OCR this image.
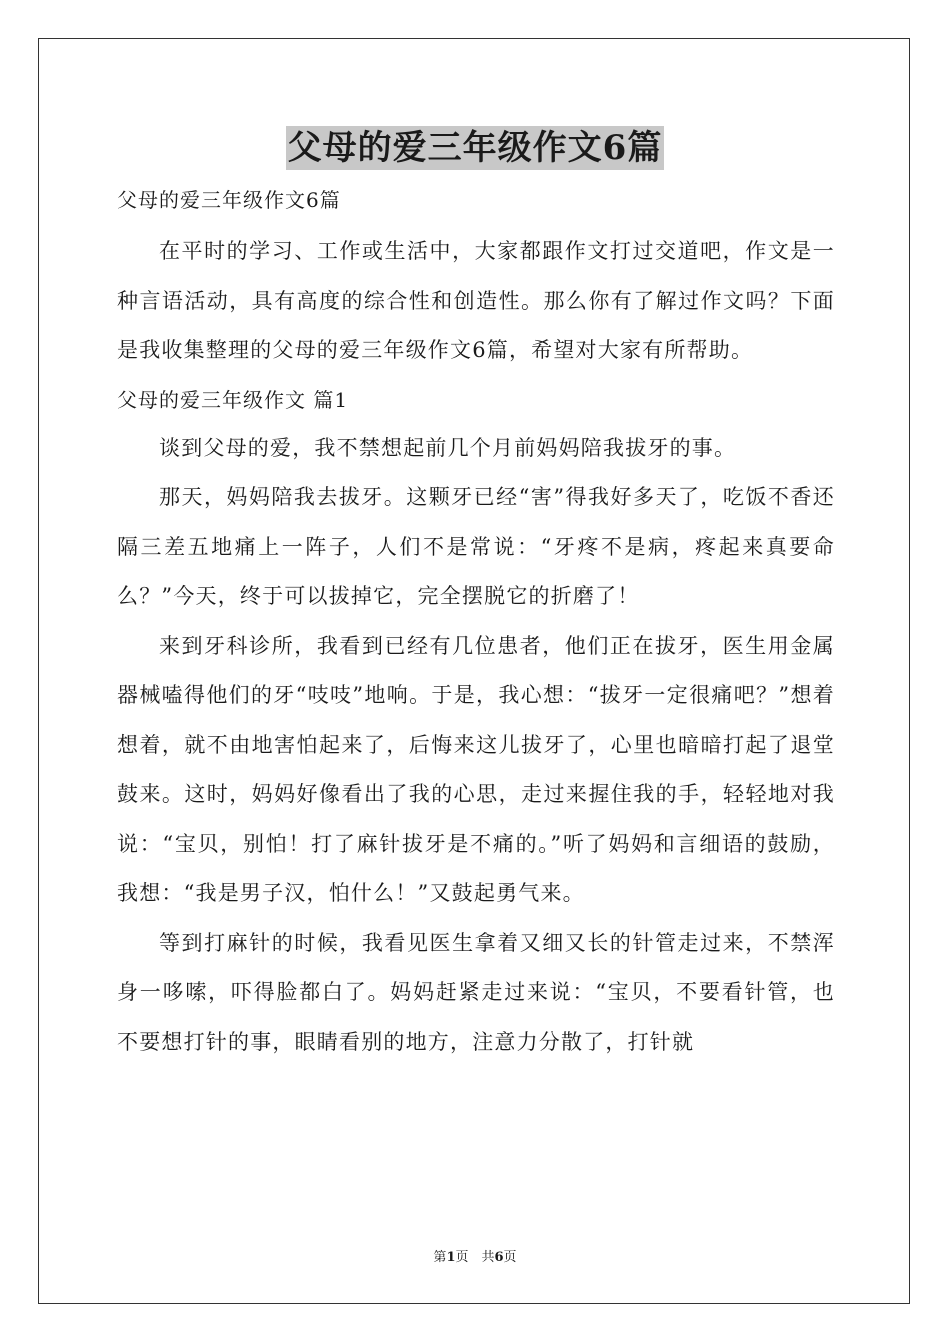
父母的爱三年级作文6篇

父母的爱三年级作文6篇

在平时的学习、工作或生活中，大家都跟作文打过交道吧，作文是一种言语活动，具有高度的综合性和创造性。那么你有了解过作文吗？下面是我收集整理的父母的爱三年级作文6篇，希望对大家有所帮助。

父母的爱三年级作文 篇1

谈到父母的爱，我不禁想起前几个月前妈妈陪我拔牙的事。

那天，妈妈陪我去拔牙。这颗牙已经“害”得我好多天了，吃饭不香还隔三差五地痛上一阵子，人们不是常说：“牙疼不是病，疼起来真要命么？”今天，终于可以拔掉它，完全摆脱它的折磨了！

来到牙科诊所，我看到已经有几位患者，他们正在拔牙，医生用金属器械嗑得他们的牙“吱吱”地响。于是，我心想：“拔牙一定很痛吧？”想着想着，就不由地害怕起来了，后悔来这儿拔牙了，心里也暗暗打起了退堂鼓来。这时，妈妈好像看出了我的心思，走过来握住我的手，轻轻地对我说：“宝贝，别怕！打了麻针拔牙是不痛的。”听了妈妈和言细语的鼓励，我想：“我是男子汉，怕什么！”又鼓起勇气来。

等到打麻针的时候，我看见医生拿着又细又长的针管走过来，不禁浑身一哆嗦，吓得脸都白了。妈妈赶紧走过来说：“宝贝，不要看针管，也不要想打针的事，眼睛看别的地方，注意力分散了，打针就

第1页　共6页
